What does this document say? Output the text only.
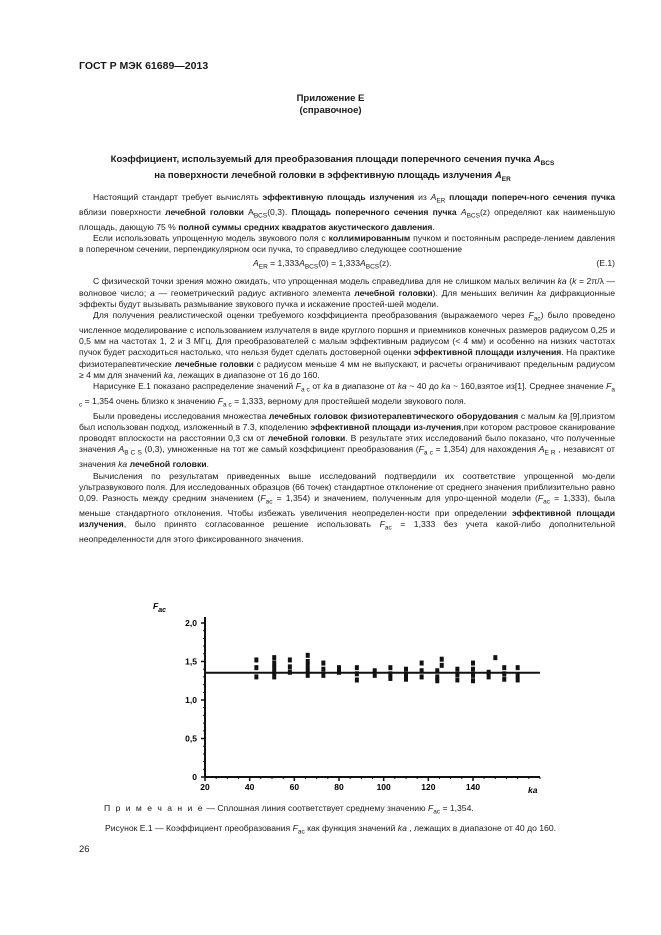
ГОСТ Р МЭК 61689—2013
Приложение Е
(справочное)
Коэффициент, используемый для преобразования площади поперечного сечения пучка $A_{BCS}$
на поверхности лечебной головки в эффективную площадь излучения $A_{ER}$

Настоящий стандарт требует вычислять эффективную площадь излучения из $A_{ER}$ площади попереч-ного сечения пучка вблизи поверхности лечебной головки $A_{BCS}(0,3)$. Площадь поперечного сечения пучка $A_{BCS}(z)$ определяют как наименьшую площадь, дающую 75 % полной суммы средних квадратов акустического давления.

Если использовать упрощенную модель звукового поля с коллимированным пучком и постоянным распреде-лением давления в поперечном сечении, перпендикулярном оси пучка, то справедливо следующее соотношение

$A_{ER} = 1,333A_{BCS}(0) = 1,333A_{BCS}(z)$.	(Е.1)

С физической точки зрения можно ожидать, что упрощенная модель справедлива для не слишком малых величин ka (k = 2π/λ — волновое число; a — геометрический радиус активного элемента лечебной головки). Для меньших величин ka дифракционные эффекты будут вызывать размывание звукового пучка и искажение простей-шей модели.

Для получения реалистической оценки требуемого коэффициента преобразования (выражаемого через $F_{ac}$) было проведено численное моделирование с использованием излучателя в виде круглого поршня и приемников конечных размеров радиусом 0,25 и 0,5 мм на частотах 1, 2 и 3 МГц. Для преобразователей с малым эффективным радиусом (< 4 мм) и особенно на низких частотах пучок будет расходиться настолько, что нельзя будет сделать достоверной оценки эффективной площади излучения. На практике физиотерапевтические лечебные головки с радиусом меньше 4 мм не выпускают, и расчеты ограничивают предельным радиусом ≥ 4 мм для значений ka, лежащих в диапазоне от 16 до 160.

Нарисунке Е.1 показано распределение значений $F_{a c}$ от ka в диапазоне от ka ~ 40 до ka ~ 160,взятое из[1]. Среднее значение $F_{a c} = 1,354$ очень близко к значению $F_{a c} = 1,333$, верному для простейшей модели звукового поля.

Были проведены исследования множества лечебных головок физиотерапевтического оборудования с малым ka [9],приэтом был использован подход, изложенный в 7.3, кподелению эффективной площади из-лучения,при котором растровое сканирование проводят вплоскости на расстоянии 0,3 см от лечебной головки. В результате этих исследований было показано, что полученные значения $A_{B C S}$ (0,3), умноженные на тот же самый коэффициент преобразования $(F_{a c} = 1,354)$ для нахождения $A_{E R}$ , независят от значения ka лечебной головки.

Вычисления по результатам приведенных выше исследований подтвердили их соответствие упрощенной мо-дели ультразвукового поля. Для исследованных образцов (66 точек) стандартное отклонение от среднего значения приблизительно равно 0,09. Разность между средним значением $(F_{ac} = 1,354)$ и значением, полученным для упро-щенной модели $(F_{ac} = 1,333)$, была меньше стандартного отклонения. Чтобы избежать увеличения неопределен-ности при определении эффективной площади излучения, было принято согласованное решение использовать $F_{ac} = 1,333$ без учета какой-либо дополнительной неопределенности для этого фиксированного значения.

$F_{ac}$
0
0,5
1,0
1,5
2,0
20	40	60	80	100	120	140	ka
П р и м е ч а н и е — Сплошная линия соответствует среднему значению $F_{ac} = 1,354$.
Рисунок Е.1 — Коэффициент преобразования $F_{ac}$ как функция значений ka , лежащих в диапазоне от 40 до 160.
26
